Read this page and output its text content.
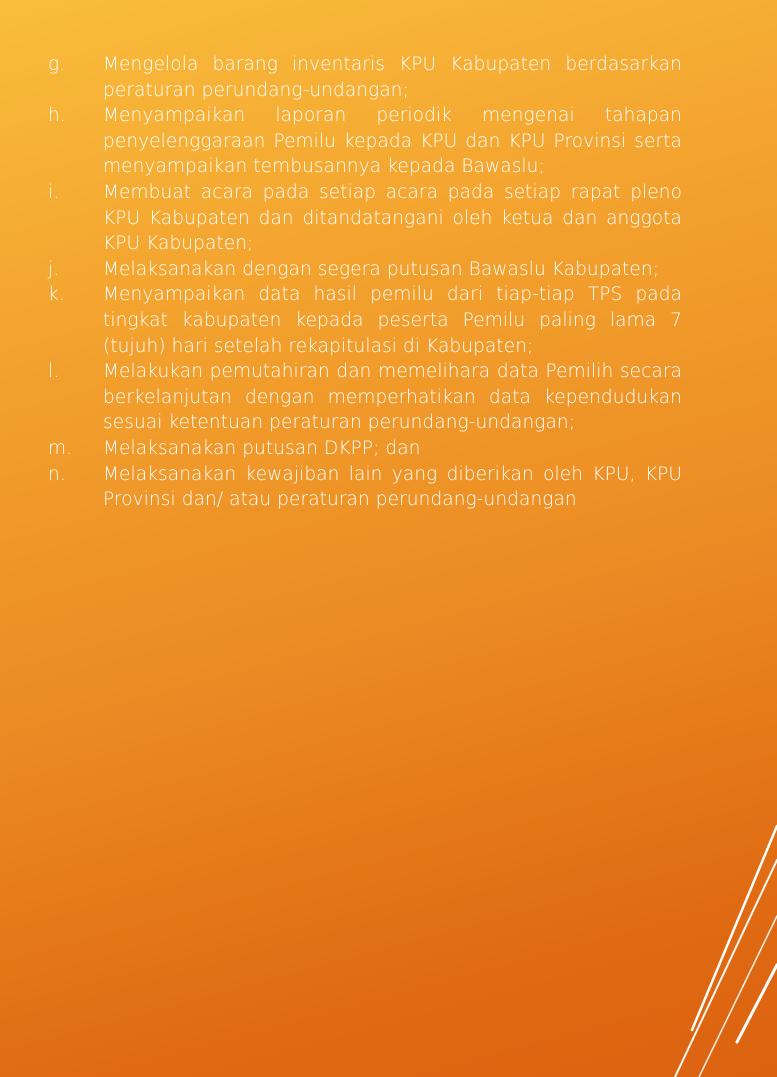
g.	Mengelola barang inventaris KPU Kabupaten berdasarkan peraturan perundang-undangan;
h.	Menyampaikan laporan periodik mengenai tahapan penyelenggaraan Pemilu kepada KPU dan KPU Provinsi serta menyampaikan tembusannya kepada Bawaslu;
i.	Membuat acara pada setiap acara pada setiap rapat pleno KPU Kabupaten dan ditandatangani oleh ketua dan anggota KPU Kabupaten;
j.	Melaksanakan dengan segera putusan Bawaslu Kabupaten;
k.	Menyampaikan data hasil pemilu dari tiap-tiap TPS pada tingkat kabupaten kepada peserta Pemilu paling lama 7 (tujuh) hari setelah rekapitulasi di Kabupaten;
l.	Melakukan pemutahiran dan memelihara data Pemilih secara berkelanjutan dengan memperhatikan data kependudukan sesuai ketentuan peraturan perundang-undangan;
m.	Melaksanakan putusan DKPP; dan
n.	Melaksanakan kewajiban lain yang diberikan oleh KPU, KPU Provinsi dan/ atau peraturan perundang-undangan
